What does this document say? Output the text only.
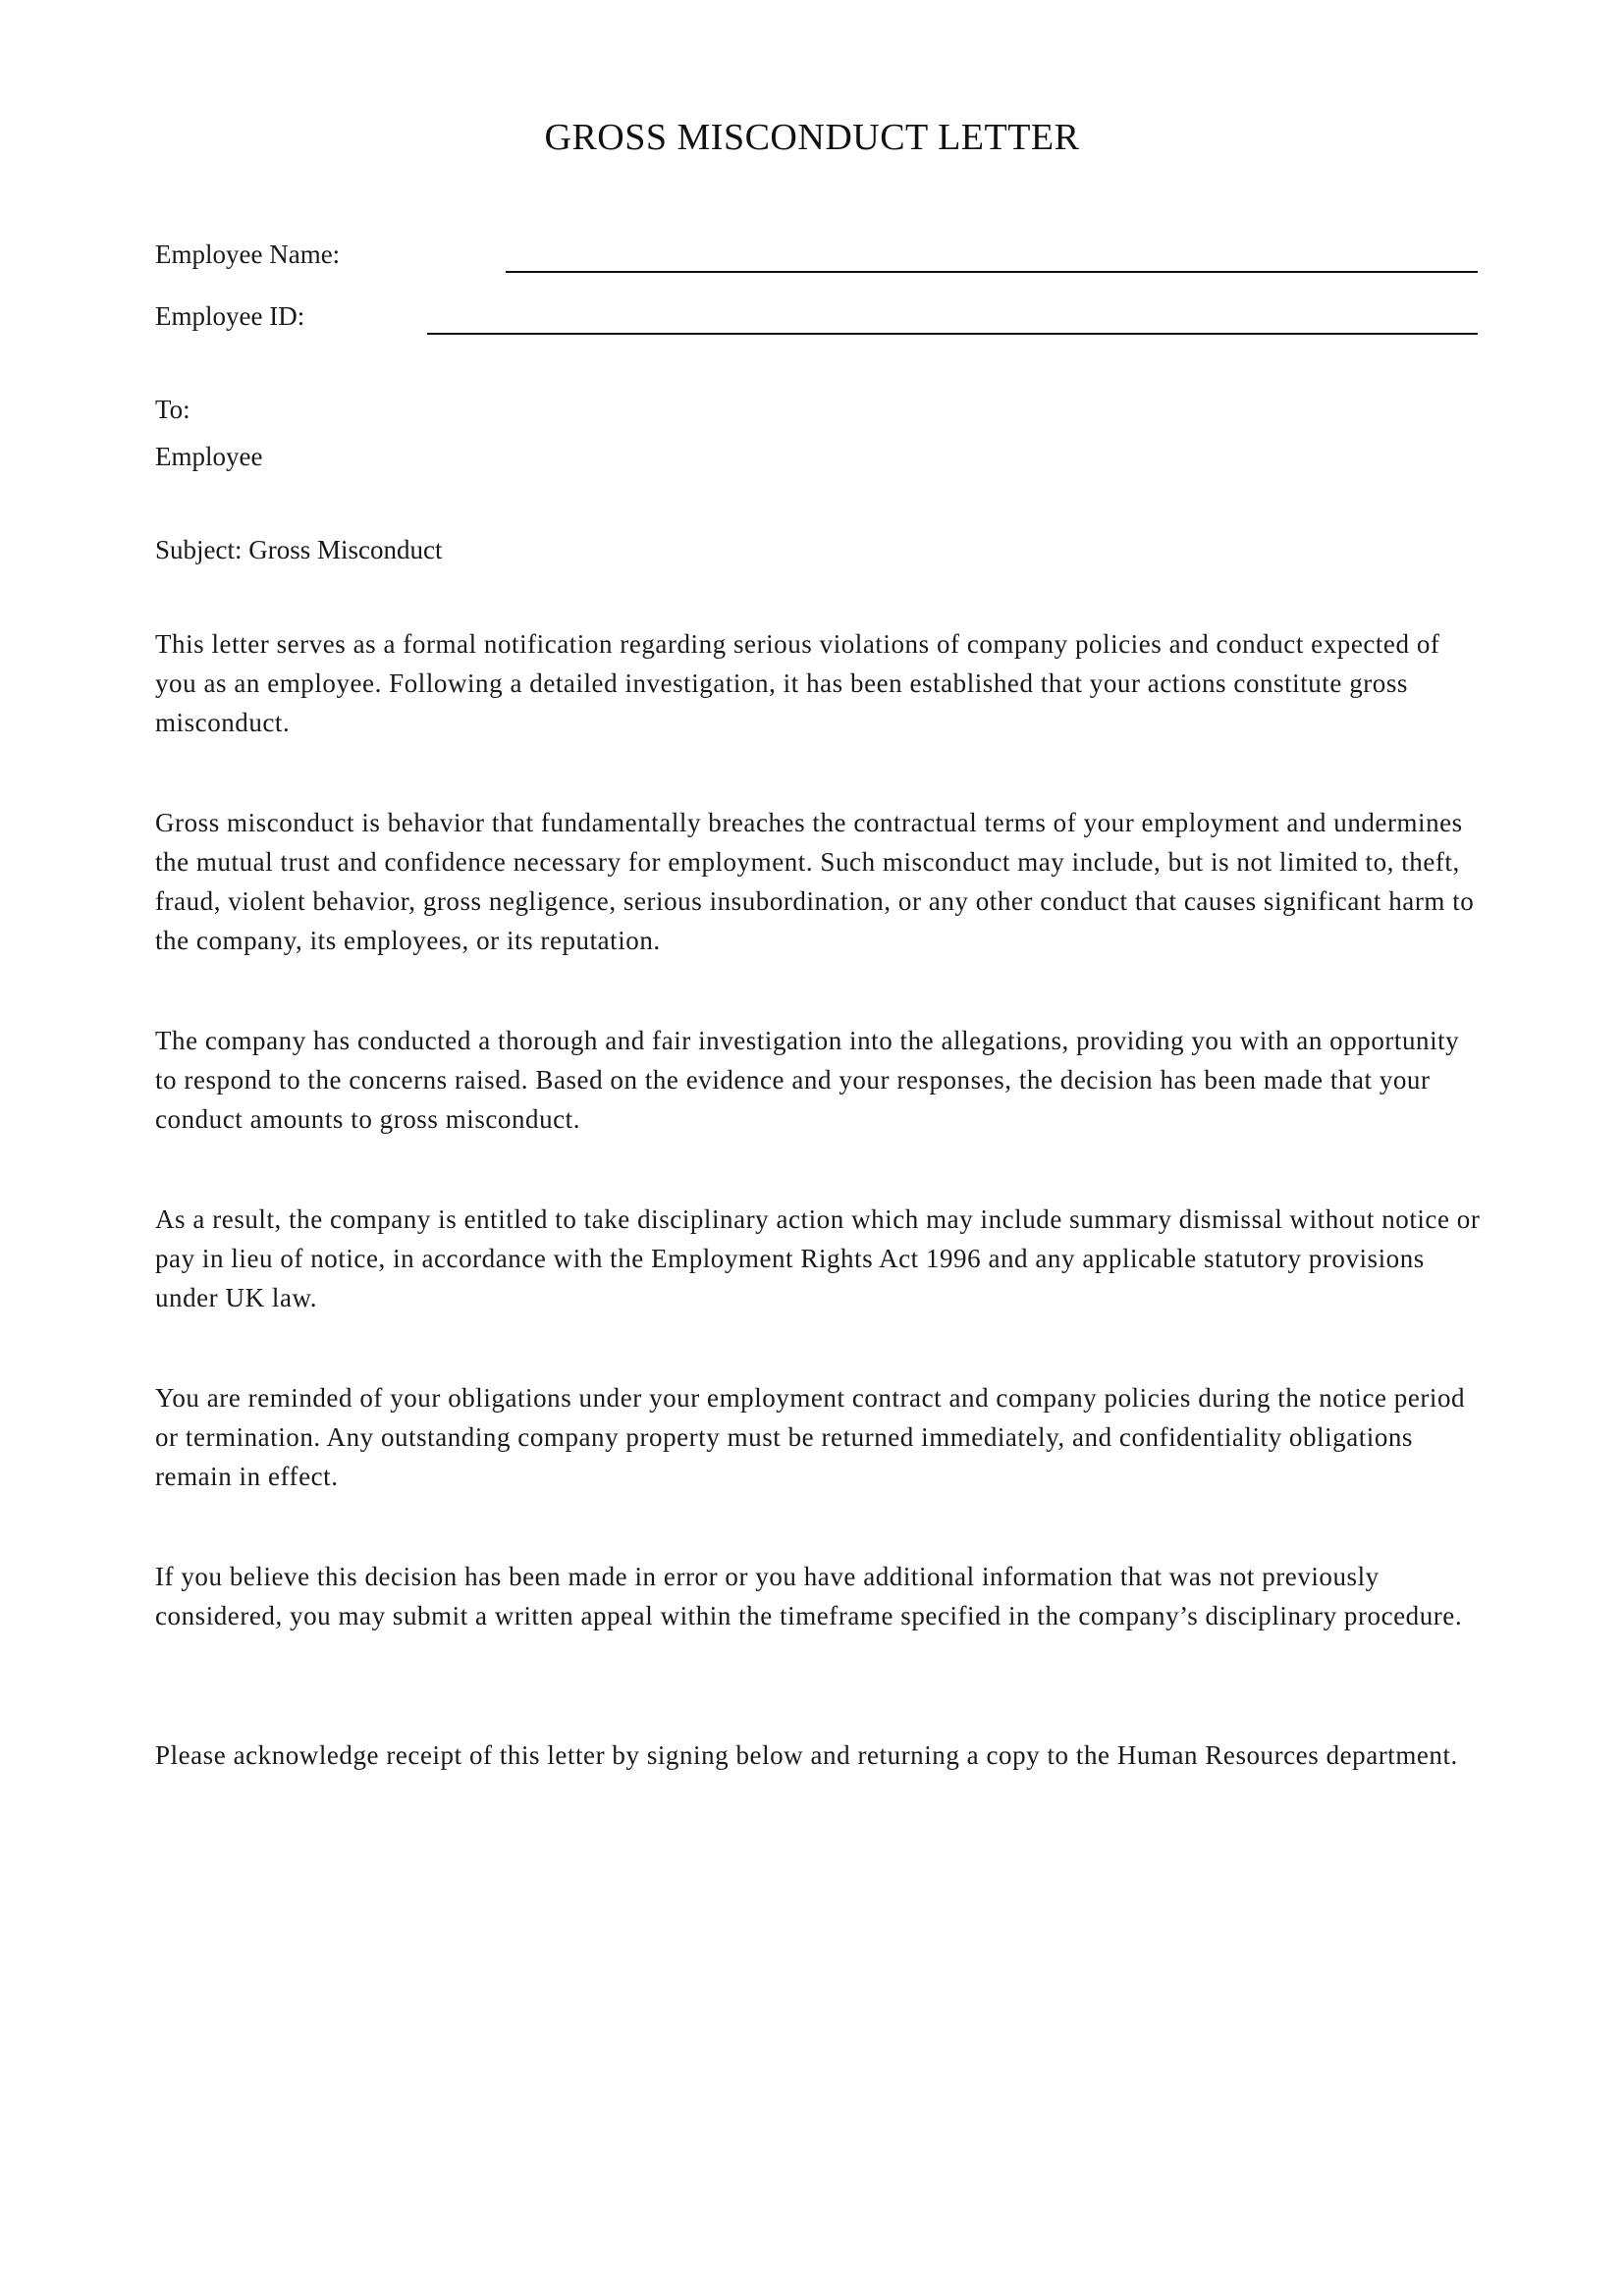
GROSS MISCONDUCT LETTER
Employee Name:
Employee ID:
To:
Employee
Subject: Gross Misconduct
This letter serves as a formal notification regarding serious violations of company policies and conduct expected of you as an employee. Following a detailed investigation, it has been established that your actions constitute gross misconduct.
Gross misconduct is behavior that fundamentally breaches the contractual terms of your employment and undermines the mutual trust and confidence necessary for employment. Such misconduct may include, but is not limited to, theft, fraud, violent behavior, gross negligence, serious insubordination, or any other conduct that causes significant harm to the company, its employees, or its reputation.
The company has conducted a thorough and fair investigation into the allegations, providing you with an opportunity to respond to the concerns raised. Based on the evidence and your responses, the decision has been made that your conduct amounts to gross misconduct.
As a result, the company is entitled to take disciplinary action which may include summary dismissal without notice or pay in lieu of notice, in accordance with the Employment Rights Act 1996 and any applicable statutory provisions under UK law.
You are reminded of your obligations under your employment contract and company policies during the notice period or termination. Any outstanding company property must be returned immediately, and confidentiality obligations remain in effect.
If you believe this decision has been made in error or you have additional information that was not previously considered, you may submit a written appeal within the timeframe specified in the company’s disciplinary procedure.
Please acknowledge receipt of this letter by signing below and returning a copy to the Human Resources department.
